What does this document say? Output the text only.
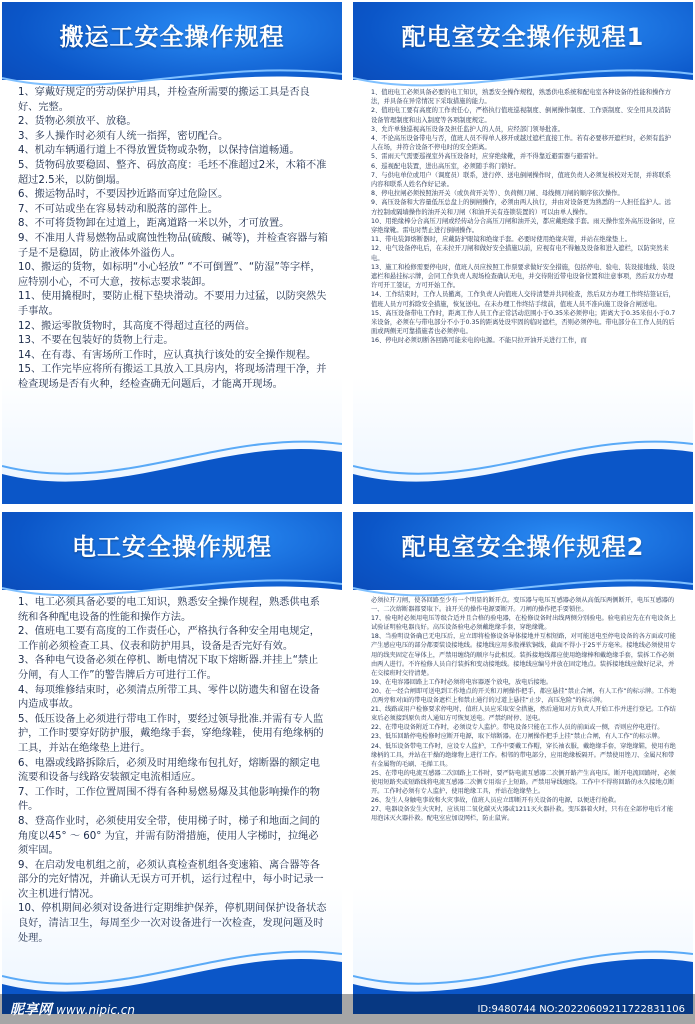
搬运工安全操作规程

1、穿戴好规定的劳动保护用具，并检查所需要的搬运工具是否良好、完整。

2、货物必须放平、放稳。

3、多人操作时必须有人统一指挥，密切配合。

4、机动车辆通行道上不得放置货物或杂物，以保持信道畅通。

5、货物码放要稳固、整齐、码放高度：毛坯不准超过2米，木箱不准超过2.5米，以防倒塌。

6、搬运物品时，不要因抄近路而穿过危险区。

7、不可站或坐在容易转动和脱落的部件上。

8、不可将货物卸在过道上，距离道路一米以外，才可放置。

9、不准用人背易燃物品或腐蚀性物品(硫酸、碱等)，并检查容器与箱子是不是稳固，防止液体外溢伤人。

10、搬运的货物，如标明“小心轻放” “不可倒置”、“防湿”等字样，应特别小心，不可大意，按标志要求装卸。

11、使用撬棍时，要防止棍下垫块滑动。不要用力过猛，以防突然失手事故。

12、搬运零散货物时，其高度不得超过直径的两倍。

13、不要在包装好的货物上行走。

14、在有毒、有害场所工作时，应认真执行该处的安全操作规程。

15、工作完毕应将所有搬运工具放入工具房内，将现场清理干净，并检查现场是否有火种，经检查确无问题后，才能离开现场。

配电室安全操作规程1

1、值班电工必须具备必要的电工知识，熟悉安全操作规程，熟悉供电系统和配电室各种设备的性能和操作方法，并具备在异常情况下采取措施的能力。

2、值班电工要有高度的工作责任心，严格执行值班巡视制度、倒闸操作制度、工作票制度、安全用具及消防设备管理制度和出入制度等各项制度规定。

3、允许单独巡视高压设备及担任监护人的人员，应经部门领导批准。

4、不论高压设备带电与否，值班人员不得单人移开或越过遮栏直接工作。若有必要移开遮栏时，必须有监护人在场，并符合设备不停电时的安全距离。

5、雷雨天气需要巡视室外高压设备时，应穿绝缘靴，并不得靠近避雷器与避雷针。

6、巡视配电装置，进出高压室，必须随手将门锁好。

7、与供电单位或用户（调度员）联系，进行停、送电倒闸操作时，值班负责人必须复核校对无误，并将联系内容和联系人姓名作好记录。

8、停电拉闸必须按照油开关（或负荷开关等）、负荷侧刀闸、母线侧刀闸的顺序依次操作。

9、高压设备和大容量低压总盘上的倒闸操作，必须由两人执行，并由对设备更为熟悉的一人担任监护人。远方控制或隔墙操作的油开关和刀闸（和油开关有连锁装置的）可以由单人操作。

10、用绝缘棒分合高压刀闸或经传动分合高压刀闸和油开关，都应戴绝缘手套。雨天操作室外高压设备时，应穿绝缘靴。雷电时禁止进行倒闸操作。

11、带电装卸熔断器时，应戴防护眼镜和绝缘手套。必要时使用绝缘夹钳，并站在绝缘垫上。

12、电气设备停电后，在未拉开刀闸和做好安全措施以前，应视有电不得触及设备和进入遮栏，以防突然来电。

13、施工和检修需要停电时，值班人员应按照工作票要求做好安全措施，包括停电、验电、装设接地线、装设遮栏和悬挂标示牌，会同工作负责人现场检查确认无电，并交待附近带电设备位置和注意事项，然后双方办理许可开工签证，方可开始工作。

14、工作结束时，工作人员撤离，工作负责人向值班人交待清楚并共同检查，然后双方办理工作终结签证后，值班人员方可拆除安全措施，恢复送电。在未办理工作终结手续前，值班人员不准向施工设备合闸送电。

15、高压设备带电工作时，距离工作人员工作正常活动范围小于0.35米必须停电；距离大于0.35米但小于0.7米设备，必须在与带电部分不小于0.35的距离处设牢固的临时遮栏，否则必须停电。带电部分在工作人员的后面或两侧无可靠措施者也必须停电。

16、停电时必须切断各回路可能来电的电源。不能只拉开油开关进行工作，而

电工安全操作规程

1、电工必须具备必要的电工知识，熟悉安全操作规程，熟悉供电系统和各种配电设备的性能和操作方法。

2、值班电工要有高度的工作责任心，严格执行各种安全用电规定，工作前必须检查工具、仪表和防护用具，设备是否完好有效。

3、各种电气设备必须在停机、断电情况下取下熔断器.并挂上“禁止分闸，有人工作”的警告牌后方可进行工作。

4、每项维修结束时，必须清点所带工具、零件以防遗失和留在设备内造成事故。

5、低压设备上必须进行带电工作时，要经过领导批准.并需有专人监护，工作时要穿好防护服，戴绝缘手套，穿绝缘鞋，使用有绝缘柄的工具，并站在绝缘垫上进行。

6、电器或线路拆除后，必须及时用绝缘布包扎好，熔断器的额定电流要和设备与线路安装额定电流相适应。

7、工作时，工作位置周围不得有各种易燃易爆及其他影响操作的物件。

8、登高作业时，必须使用安全带，使用梯子时，梯子和地面之间的角度以45° ～ 60° 为宜，并需有防滑措施，使用人字梯时，拉绳必须牢固。

9、在启动发电机组之前，必须认真检查机组各变速箱、离合器等各部分的完好情况，并确认无误方可开机，运行过程中，每小时记录一次主机进行情况。

10、停机期间必须对设备进行定期维护保养，停机期间保护设备状态良好，清洁卫生，每周至少一次对设备进行一次检查，发现问题及时处理。

配电室安全操作规程2

必须拉开刀闸，使各回路至少有一个明显的断开点。变压器与电压互感器必须从高低压两侧断开，电压互感器的一、二次熔断器都要取下。油开关的操作电源要断开。刀闸的操作把手要锁住。

17、验电时必须用电压等级合适并且合格的验电器，在检修设备时出线两侧分别验电。验电前应先在有电设备上试验证明验电器良好。高压设备验电必须戴绝缘手套，穿绝缘靴。

18、当验明设备确已无电压后，应立即将检修设备导体接地并互相短路，对可能送电至停电设备的各方面或可能产生感应电压的部分都要装设接地线。接地线应用多股裸软铜线，截面不得小于25平方毫米。接地线必须使用专用的线夹固定在导体上，严禁用缠绕的顺序与此相反。装拆接地线都应使用绝缘棒和戴绝缘手套，装拆工作必须由两人进行。不许检修人员自行装拆和变动接地线。接地线应编号并放在固定地点。装拆接地线应做好记录，并在交接班时交待清楚。

19、在电容器回路上工作时必须将电容器逐个放电，放电后接地。

20、在一经合闸即可送电到工作地点的开关和刀闸操作把手，都应悬挂“禁止合闸，有人工作”的标示牌。工作地点两旁和对面的带电设备遮栏上和禁止通行的过道上悬挂“止步，高压危险”的标示牌。

21、线路或用户检修要求停电时，值班人员应采取安全措施，然后通知对方负责人开始工作并进行登记。工作结束后必须接到原负责人通知方可恢复送电。严禁约时停、送电。

22、在带电设备附近工作时，必须设专人监护。带电设备只能在工作人员的前面或一侧，否则应停电进行。

23、低压回路停电检修时应断开电源，取下熔断器。在刀闸操作把手上挂“禁止合闸，有人工作”的标示牌。

24、低压设备带电工作时，应设专人监护，工作中要戴工作帽，穿长袖衣服，戴绝缘手套，穿绝缘鞋，使用有绝缘柄的工具，并站在干燥的绝缘物上进行工作。相邻的带电部分，应用绝缘板隔开。严禁使用锉刀、金属尺和带有金属物的毛刷、毛掸工具。

25、在带电的电流互感器二次回路上工作时，要严防电流互感器二次侧开路产生高电压。断开电流回路时，必须使用短路夹或短路线将电流互感器二次侧专用端子上短路。严禁用导线缠绕。工作中不得将回路的永久接地点断开。工作时必须有专人监护，使用绝缘工具，并站在绝缘垫上。

26、发生人身触电事故和火灾事故，值班人员应立即断开有关设备的电源，以便进行抢救。

27、电器设备发生火灾时，应该用二氧化碳灭火器或1211灭火器扑救。变压器着火时，只有在全部停电后才能用泡沫灭火器扑救。配电室应加设网栏，防止鼠害。

昵享网 www.nipic.cn	ID:9480744 NO:20220609211722831106
